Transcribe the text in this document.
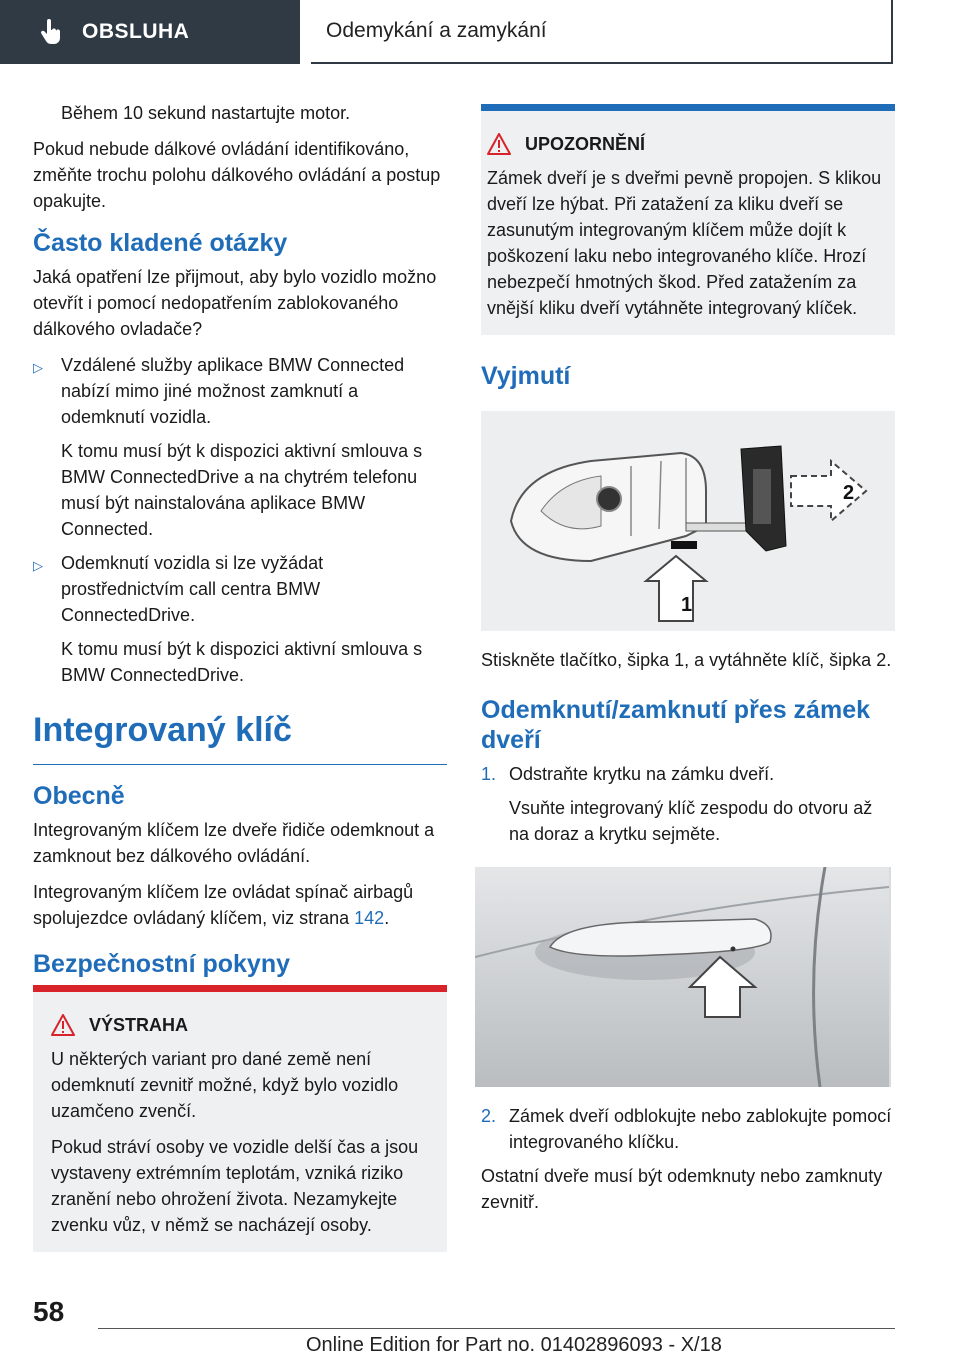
OBSLUHA	Odemykání a zamykání

Během 10 sekund nastartujte motor.

Pokud nebude dálkové ovládání identifikováno, změňte trochu polohu dálkového ovládání a postup opakujte.

Často kladené otázky

Jaká opatření lze přijmout, aby bylo vozidlo možno otevřít i pomocí nedopatřením zablokovaného dálkového ovladače?

▷ Vzdálené služby aplikace BMW Connected nabízí mimo jiné možnost zamknutí a odemknutí vozidla.

K tomu musí být k dispozici aktivní smlouva s BMW ConnectedDrive a na chytrém telefonu musí být nainstalována aplikace BMW Connected.

▷ Odemknutí vozidla si lze vyžádat prostřednictvím call centra BMW ConnectedDrive.

K tomu musí být k dispozici aktivní smlouva s BMW ConnectedDrive.

Integrovaný klíč
Obecně

Integrovaným klíčem lze dveře řidiče odemknout a zamknout bez dálkového ovládání.

Integrovaným klíčem lze ovládat spínač airbagů spolujezdce ovládaný klíčem, viz strana 142.

Bezpečnostní pokyny
VÝSTRAHA

U některých variant pro dané země není odemknutí zevnitř možné, když bylo vozidlo uzamčeno zvenčí.

Pokud stráví osoby ve vozidle delší čas a jsou vystaveny extrémním teplotám, vzniká riziko zranění nebo ohrožení života. Nezamykejte zvenku vůz, v němž se nacházejí osoby.

UPOZORNĚNÍ

Zámek dveří je s dveřmi pevně propojen. S klikou dveří lze hýbat. Při zatažení za kliku dveří se zasunutým integrovaným klíčem může dojít k poškození laku nebo integrovaného klíče. Hrozí nebezpečí hmotných škod. Před zatažením za vnější kliku dveří vytáhněte integrovaný klíček.

Vyjmutí
2
1

Stiskněte tlačítko, šipka 1, a vytáhněte klíč, šipka 2.

Odemknutí/zamknutí přes zámek dveří
1. Odstraňte krytku na zámku dveří.

Vsuňte integrovaný klíč zespodu do otvoru až na doraz a krytku sejměte.

2. Zámek dveří odblokujte nebo zablokujte pomocí integrovaného klíčku.

Ostatní dveře musí být odemknuty nebo zamknuty zevnitř.

58
Online Edition for Part no. 01402896093 - X/18
